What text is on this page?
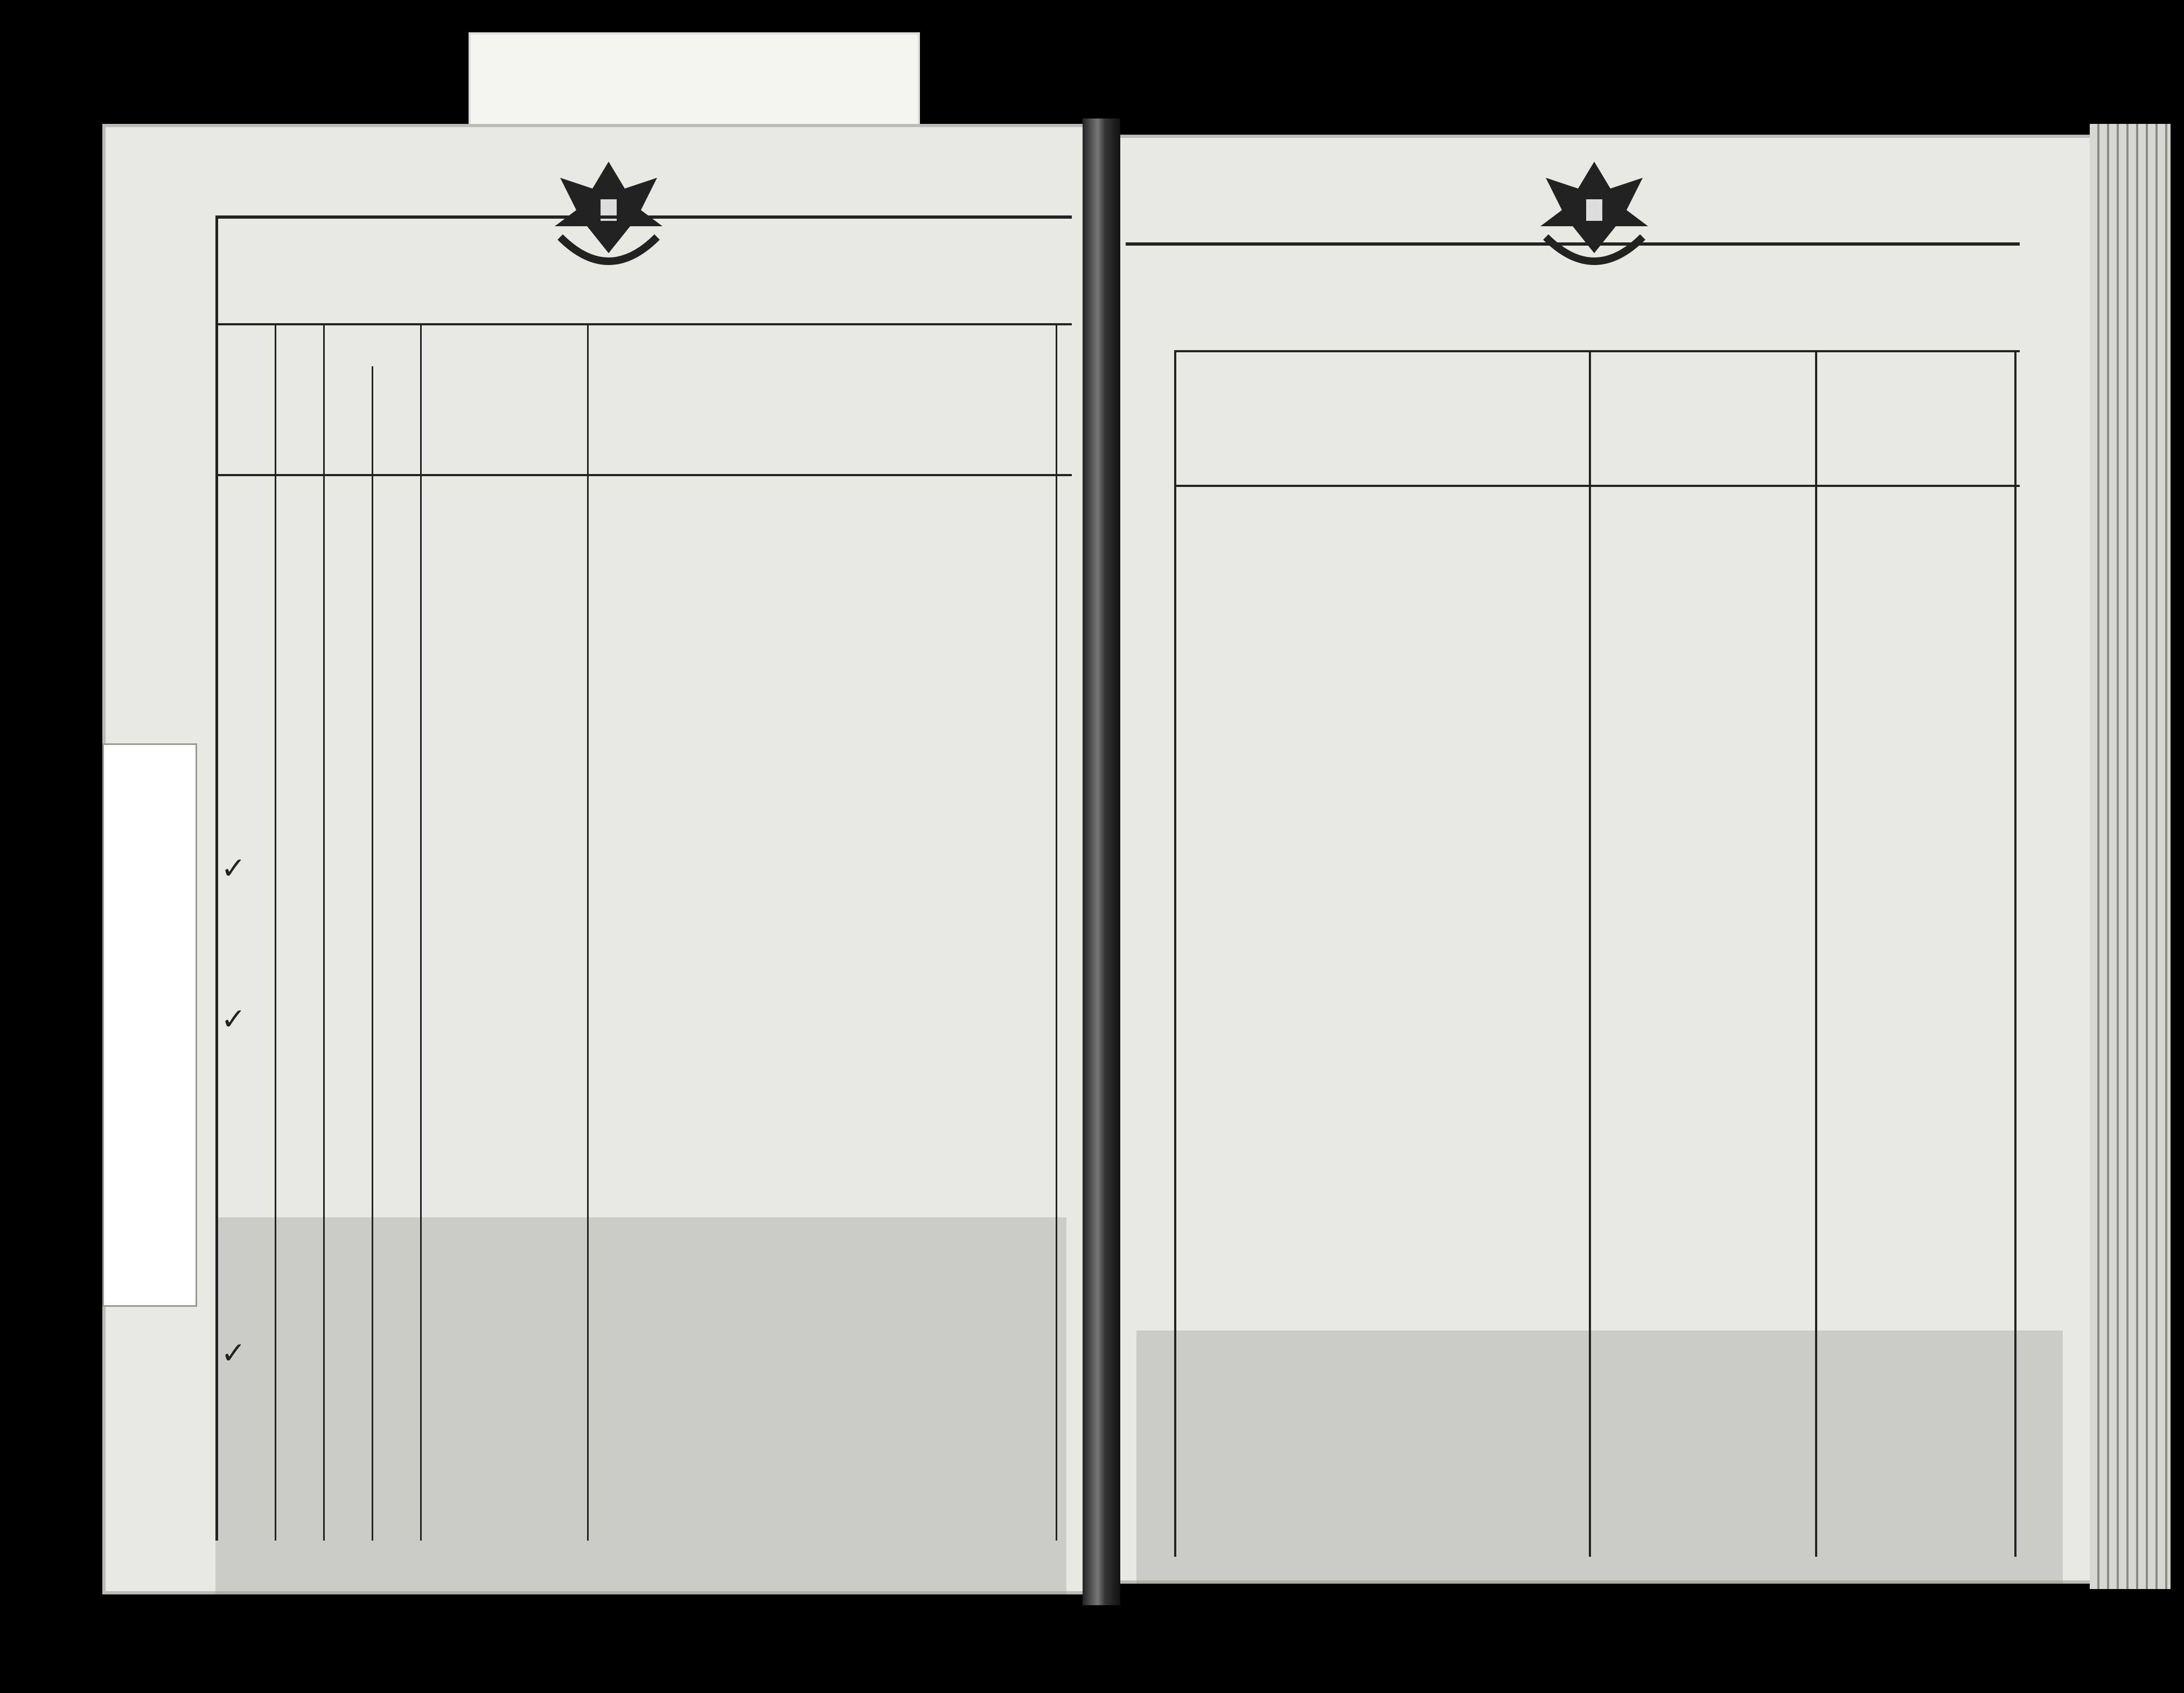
✓
✓
✓
